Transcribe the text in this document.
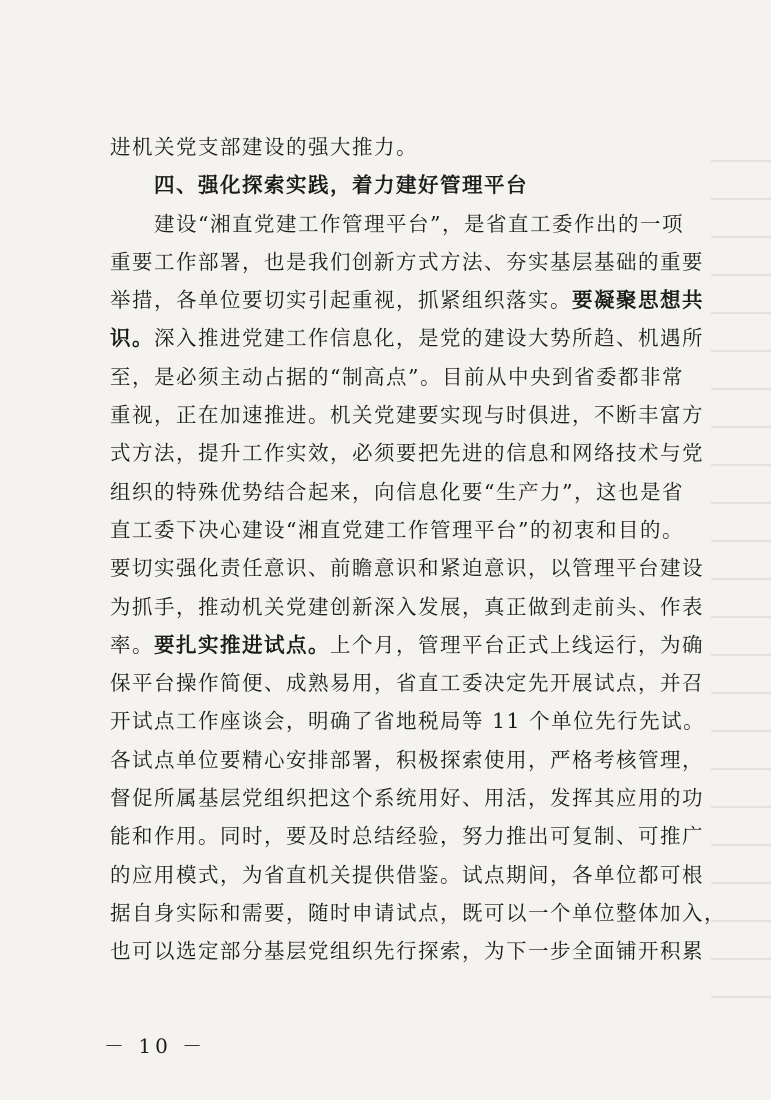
进机关党支部建设的强大推力。
四、强化探索实践，着力建好管理平台
建设“湘直党建工作管理平台”，是省直工委作出的一项
重要工作部署，也是我们创新方式方法、夯实基层基础的重要
举措，各单位要切实引起重视，抓紧组织落实。要凝聚思想共
识。深入推进党建工作信息化，是党的建设大势所趋、机遇所
至，是必须主动占据的“制高点”。目前从中央到省委都非常
重视，正在加速推进。机关党建要实现与时俱进，不断丰富方
式方法，提升工作实效，必须要把先进的信息和网络技术与党
组织的特殊优势结合起来，向信息化要“生产力”，这也是省
直工委下决心建设“湘直党建工作管理平台”的初衷和目的。
要切实强化责任意识、前瞻意识和紧迫意识，以管理平台建设
为抓手，推动机关党建创新深入发展，真正做到走前头、作表
率。要扎实推进试点。上个月，管理平台正式上线运行，为确
保平台操作简便、成熟易用，省直工委决定先开展试点，并召
开试点工作座谈会，明确了省地税局等 11 个单位先行先试。
各试点单位要精心安排部署，积极探索使用，严格考核管理，
督促所属基层党组织把这个系统用好、用活，发挥其应用的功
能和作用。同时，要及时总结经验，努力推出可复制、可推广
的应用模式，为省直机关提供借鉴。试点期间，各单位都可根
据自身实际和需要，随时申请试点，既可以一个单位整体加入，
也可以选定部分基层党组织先行探索，为下一步全面铺开积累
－ 10 －
